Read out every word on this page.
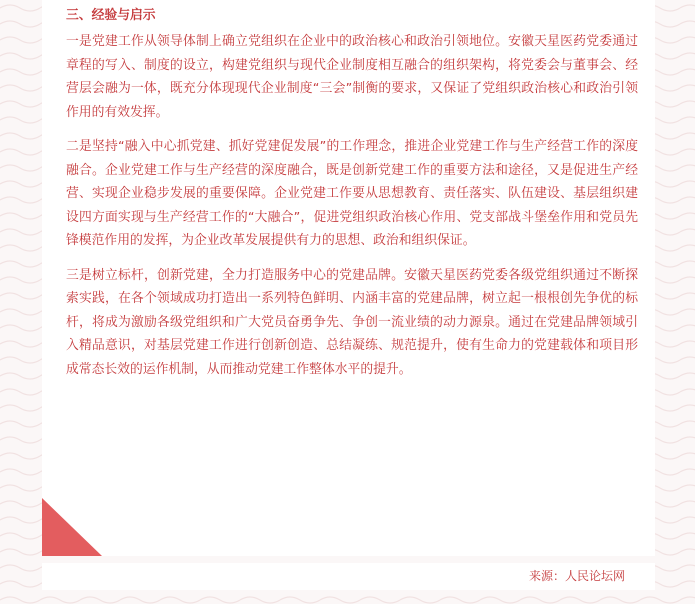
三、经验与启示

一是党建工作从领导体制上确立党组织在企业中的政治核心和政治引领地位。安徽天星医药党委通过章程的写入、制度的设立，构建党组织与现代企业制度相互融合的组织架构，将党委会与董事会、经营层会融为一体，既充分体现现代企业制度“三会”制衡的要求，又保证了党组织政治核心和政治引领作用的有效发挥。

二是坚持“融入中心抓党建、抓好党建促发展”的工作理念，推进企业党建工作与生产经营工作的深度融合。企业党建工作与生产经营的深度融合，既是创新党建工作的重要方法和途径，又是促进生产经营、实现企业稳步发展的重要保障。企业党建工作要从思想教育、责任落实、队伍建设、基层组织建设四方面实现与生产经营工作的“大融合”，促进党组织政治核心作用、党支部战斗堡垒作用和党员先锋模范作用的发挥，为企业改革发展提供有力的思想、政治和组织保证。

三是树立标杆，创新党建，全力打造服务中心的党建品牌。安徽天星医药党委各级党组织通过不断探索实践，在各个领域成功打造出一系列特色鲜明、内涵丰富的党建品牌，树立起一根根创先争优的标杆，将成为激励各级党组织和广大党员奋勇争先、争创一流业绩的动力源泉。通过在党建品牌领域引入精品意识，对基层党建工作进行创新创造、总结凝练、规范提升，使有生命力的党建载体和项目形成常态长效的运作机制，从而推动党建工作整体水平的提升。

来源：人民论坛网
